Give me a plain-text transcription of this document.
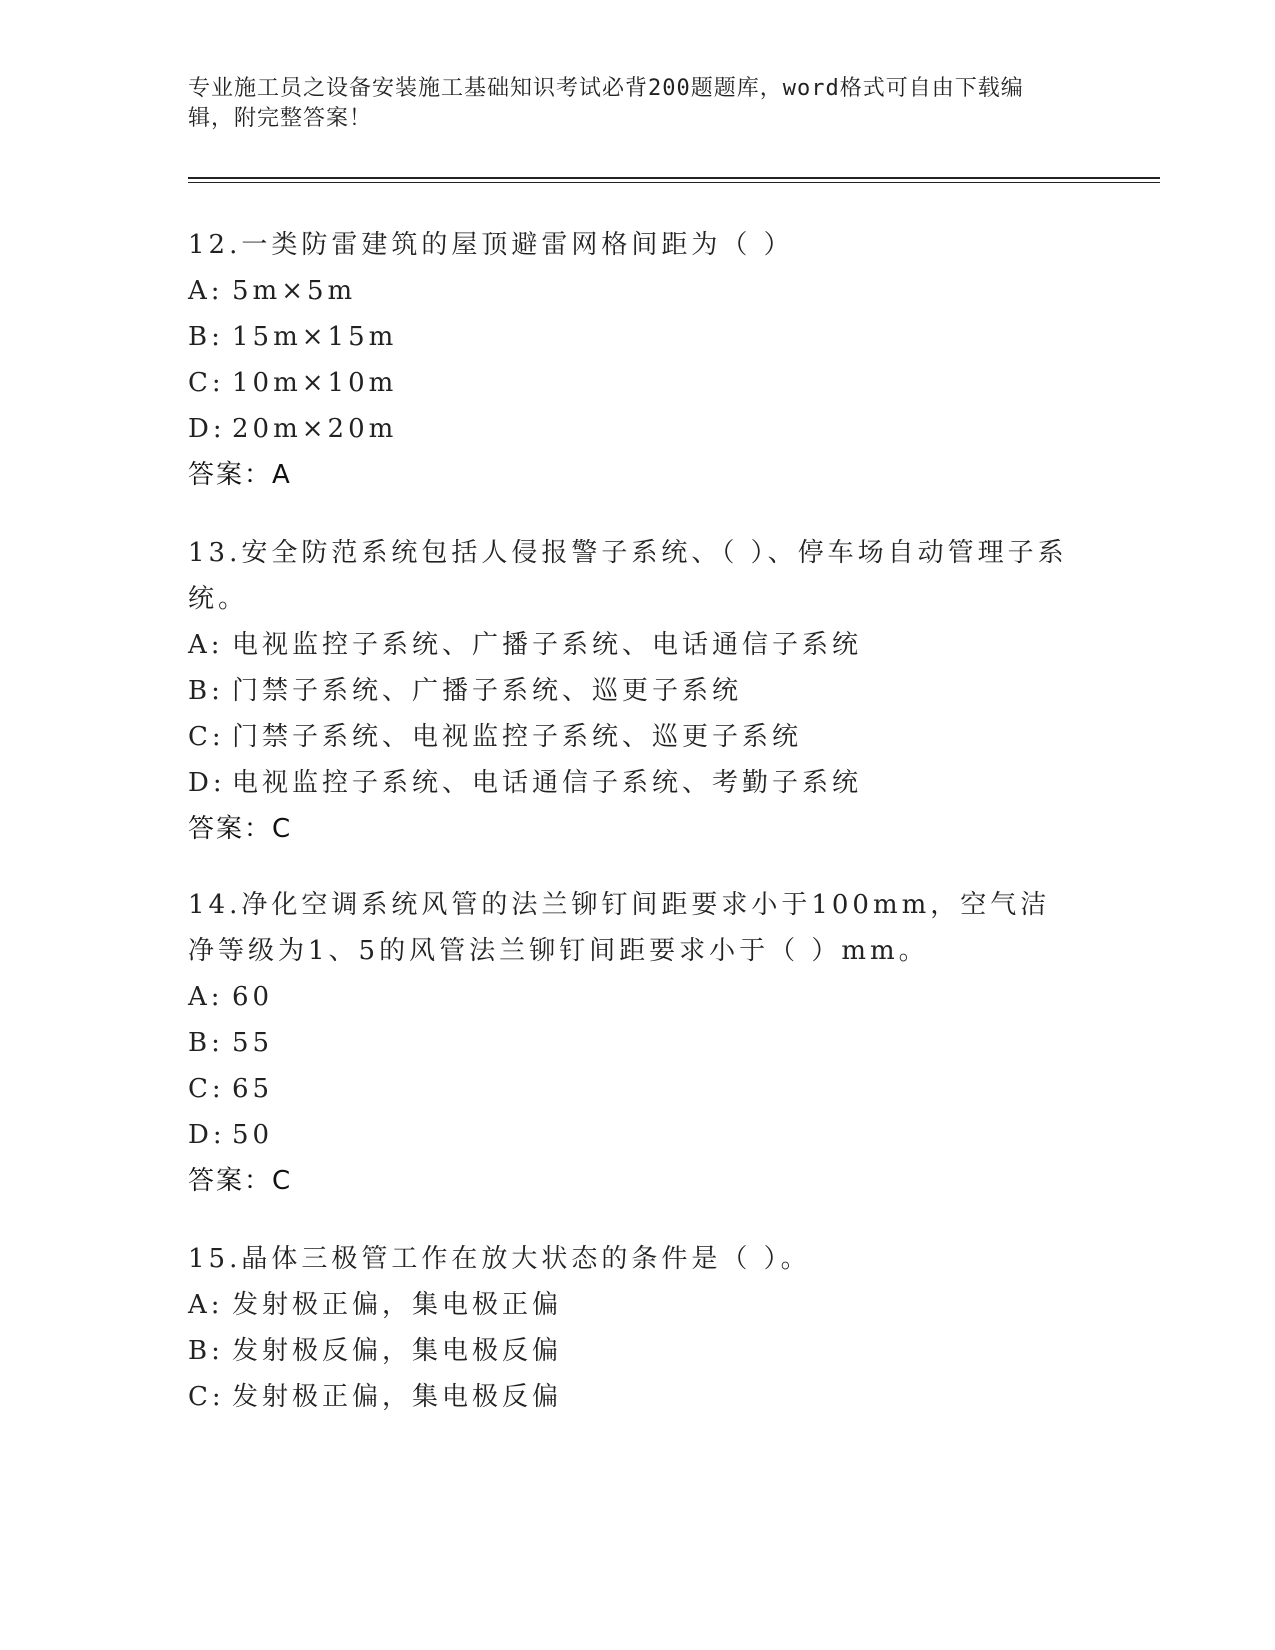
专业施工员之设备安装施工基础知识考试必背200题题库，word格式可自由下载编辑，附完整答案！
12.一类防雷建筑的屋顶避雷网格间距为（ ）
A: 5m×5m
B: 15m×15m
C: 10m×10m
D: 20m×20m
答案：A
13.安全防范系统包括人侵报警子系统、（ ）、停车场自动管理子系统。
A: 电视监控子系统、广播子系统、电话通信子系统
B: 门禁子系统、广播子系统、巡更子系统
C: 门禁子系统、电视监控子系统、巡更子系统
D: 电视监控子系统、电话通信子系统、考勤子系统
答案：C
14.净化空调系统风管的法兰铆钉间距要求小于100mm，空气洁净等级为1、5的风管法兰铆钉间距要求小于（ ）mm。
A: 60
B: 55
C: 65
D: 50
答案：C
15.晶体三极管工作在放大状态的条件是（ ）。
A: 发射极正偏，集电极正偏
B: 发射极反偏，集电极反偏
C: 发射极正偏，集电极反偏
